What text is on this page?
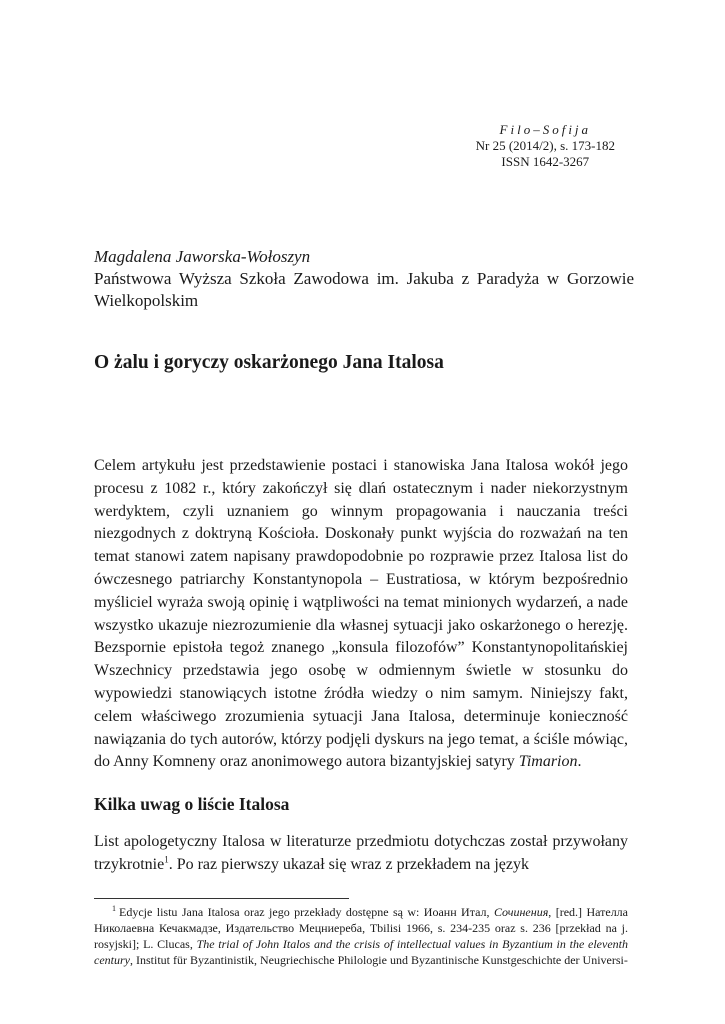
Filo–Sofija
Nr 25 (2014/2), s. 173-182
ISSN 1642-3267
Magdalena Jaworska-Wołoszyn
Państwowa Wyższa Szkoła Zawodowa im. Jakuba z Paradyża w Gorzowie Wielkopolskim
O żalu i goryczy oskarżonego Jana Italosa

Celem artykułu jest przedstawienie postaci i stanowiska Jana Italosa wokół jego procesu z 1082 r., który zakończył się dlań ostatecznym i nader niekorzystnym werdyktem, czyli uznaniem go winnym propagowania i nauczania treści niezgodnych z doktryną Kościoła. Doskonały punkt wyjścia do rozważań na ten temat stanowi zatem napisany prawdopodobnie po rozprawie przez Italosa list do ówczesnego patriarchy Konstantynopola – Eustratiosa, w którym bezpośrednio myśliciel wyraża swoją opinię i wątpliwości na temat minionych wydarzeń, a nade wszystko ukazuje niezrozumienie dla własnej sytuacji jako oskarżonego o herezję. Bezspornie epistoła tegoż znanego „konsula filozofów” Konstantynopolitańskiej Wszechnicy przedstawia jego osobę w odmiennym świetle w stosunku do wypowiedzi stanowiących istotne źródła wiedzy o nim samym. Niniejszy fakt, celem właściwego zrozumienia sytuacji Jana Italosa, determinuje konieczność nawiązania do tych autorów, którzy podjęli dyskurs na jego temat, a ściśle mówiąc, do Anny Komneny oraz anonimowego autora bizantyjskiej satyry Timarion.

Kilka uwag o liście Italosa

List apologetyczny Italosa w literaturze przedmiotu dotychczas został przywołany trzykrotnie$^1$. Po raz pierwszy ukazał się wraz z przekładem na język

$^1$ Edycje listu Jana Italosa oraz jego przekłady dostępne są w: Иоанн Итал, Сочинения, [red.] Нателла Николаевна Кечакмадзе, Издательство Мецниереба, Tbilisi 1966, s. 234-235 oraz s. 236 [przekład na j. rosyjski]; L. Clucas, The trial of John Italos and the crisis of intellectual values in Byzantium in the eleventh century, Institut für Byzantinistik, Neugriechische Philologie und Byzantinische Kunstgeschichte der Universi-
